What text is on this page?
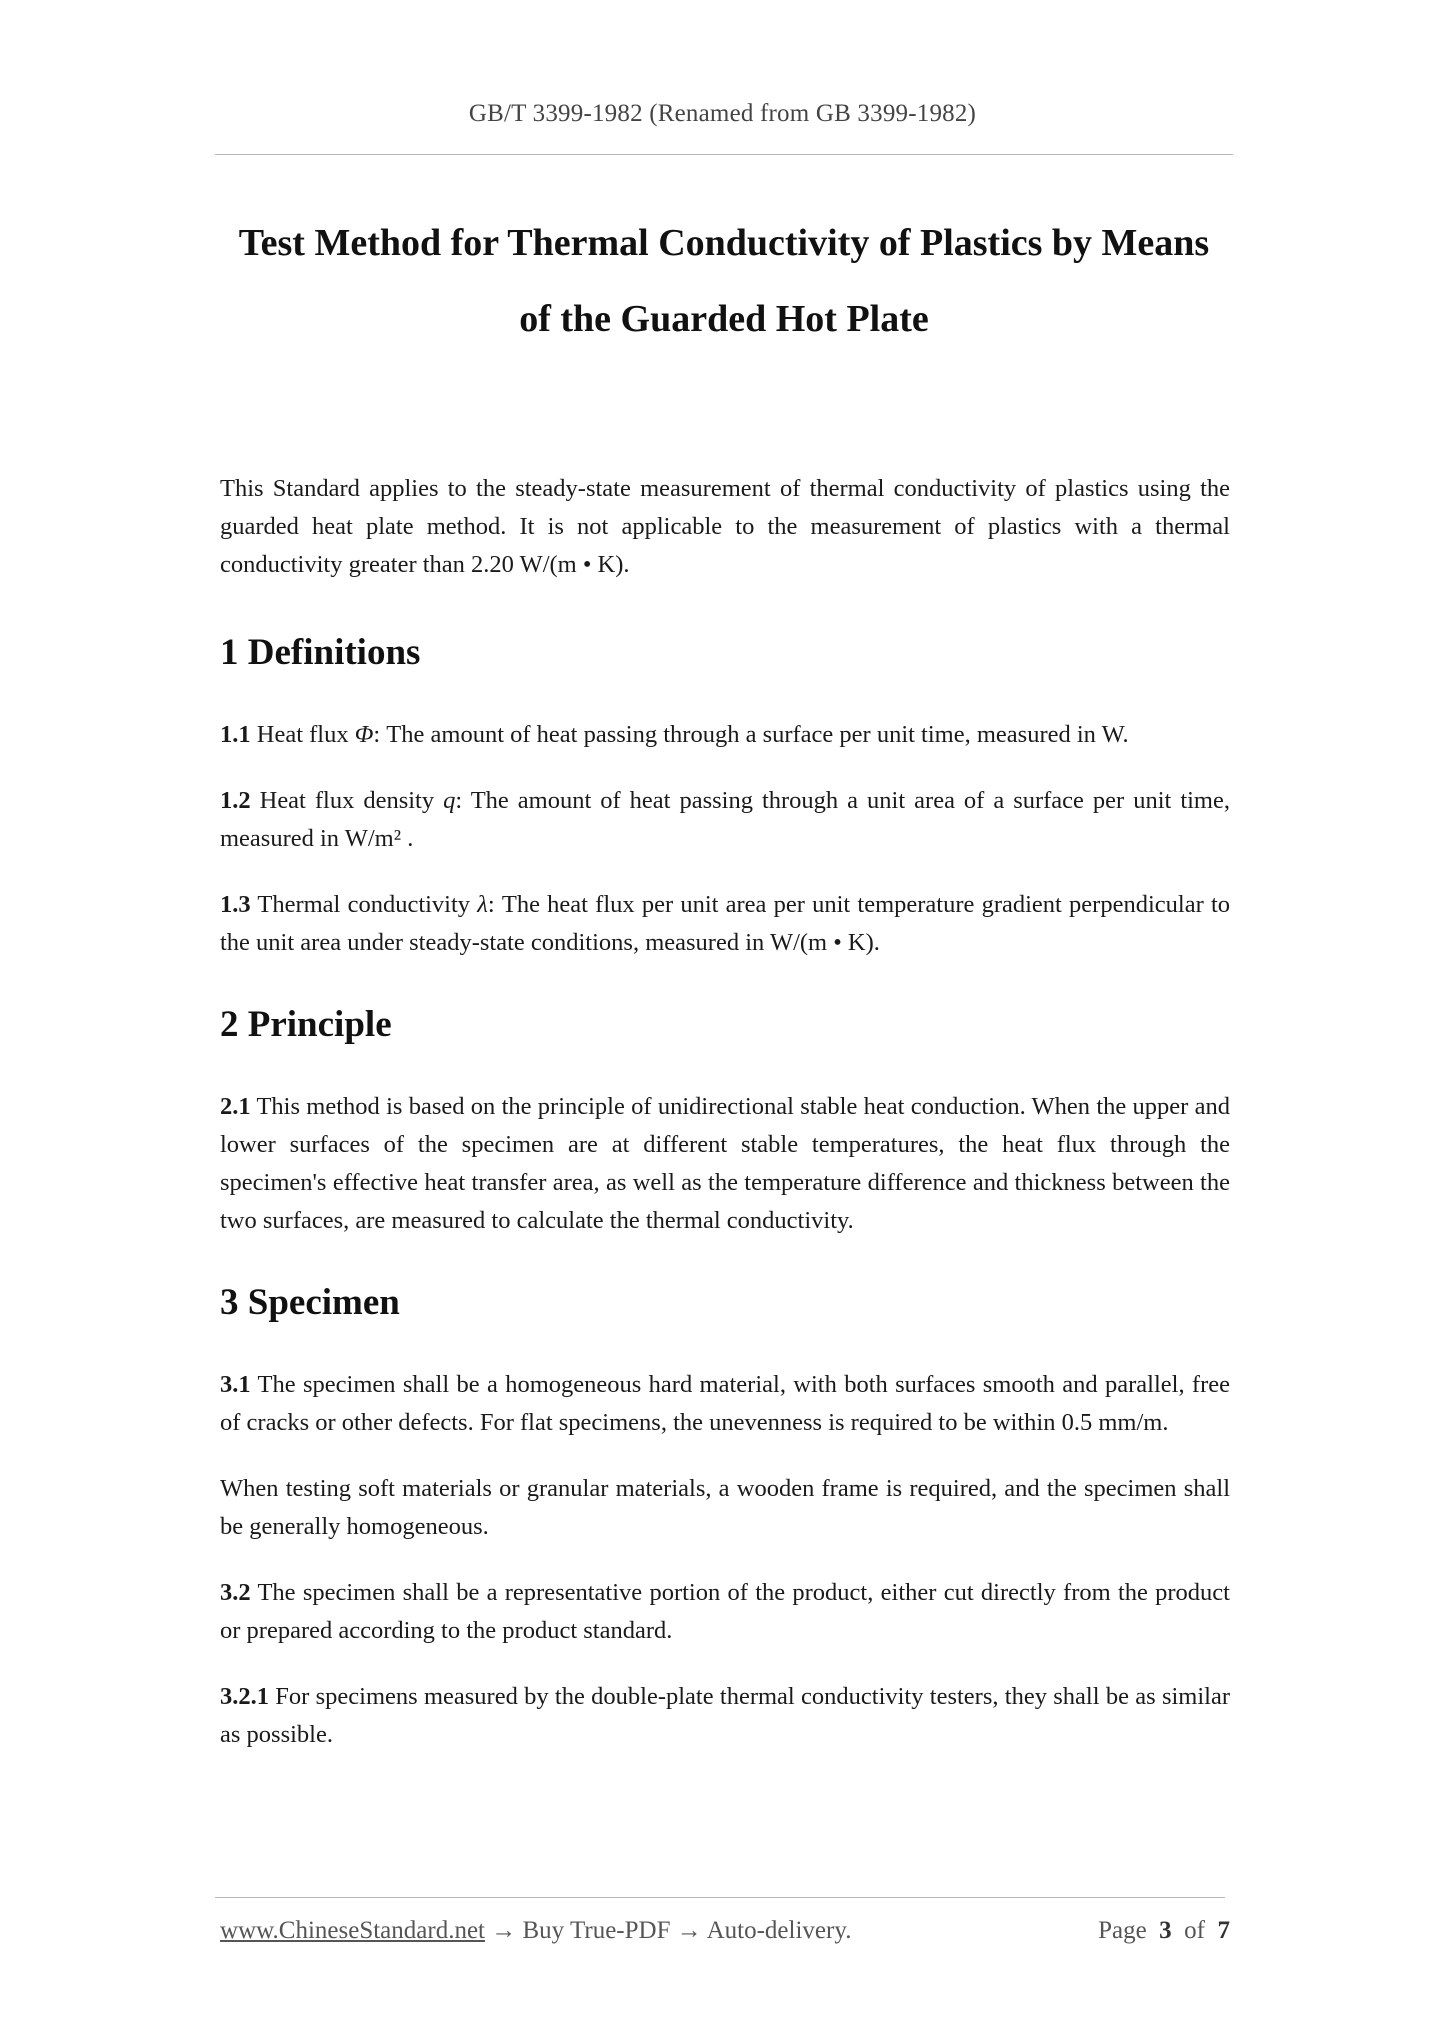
GB/T 3399-1982 (Renamed from GB 3399-1982)
Test Method for Thermal Conductivity of Plastics by Means
of the Guarded Hot Plate

This Standard applies to the steady-state measurement of thermal conductivity of plastics using the guarded heat plate method. It is not applicable to the measurement of plastics with a thermal conductivity greater than 2.20 W/(m • K).

1 Definitions

1.1 Heat flux Φ: The amount of heat passing through a surface per unit time, measured in W.

1.2 Heat flux density q: The amount of heat passing through a unit area of a surface per unit time, measured in W/m² .

1.3 Thermal conductivity λ: The heat flux per unit area per unit temperature gradient perpendicular to the unit area under steady-state conditions, measured in W/(m • K).

2 Principle

2.1 This method is based on the principle of unidirectional stable heat conduction. When the upper and lower surfaces of the specimen are at different stable temperatures, the heat flux through the specimen's effective heat transfer area, as well as the temperature difference and thickness between the two surfaces, are measured to calculate the thermal conductivity.

3 Specimen

3.1 The specimen shall be a homogeneous hard material, with both surfaces smooth and parallel, free of cracks or other defects. For flat specimens, the unevenness is required to be within 0.5 mm/m.

When testing soft materials or granular materials, a wooden frame is required, and the specimen shall be generally homogeneous.

3.2 The specimen shall be a representative portion of the product, either cut directly from the product or prepared according to the product standard.

3.2.1 For specimens measured by the double-plate thermal conductivity testers, they shall be as similar as possible.

www.ChineseStandard.net → Buy True-PDF → Auto-delivery.	Page 3 of 7
